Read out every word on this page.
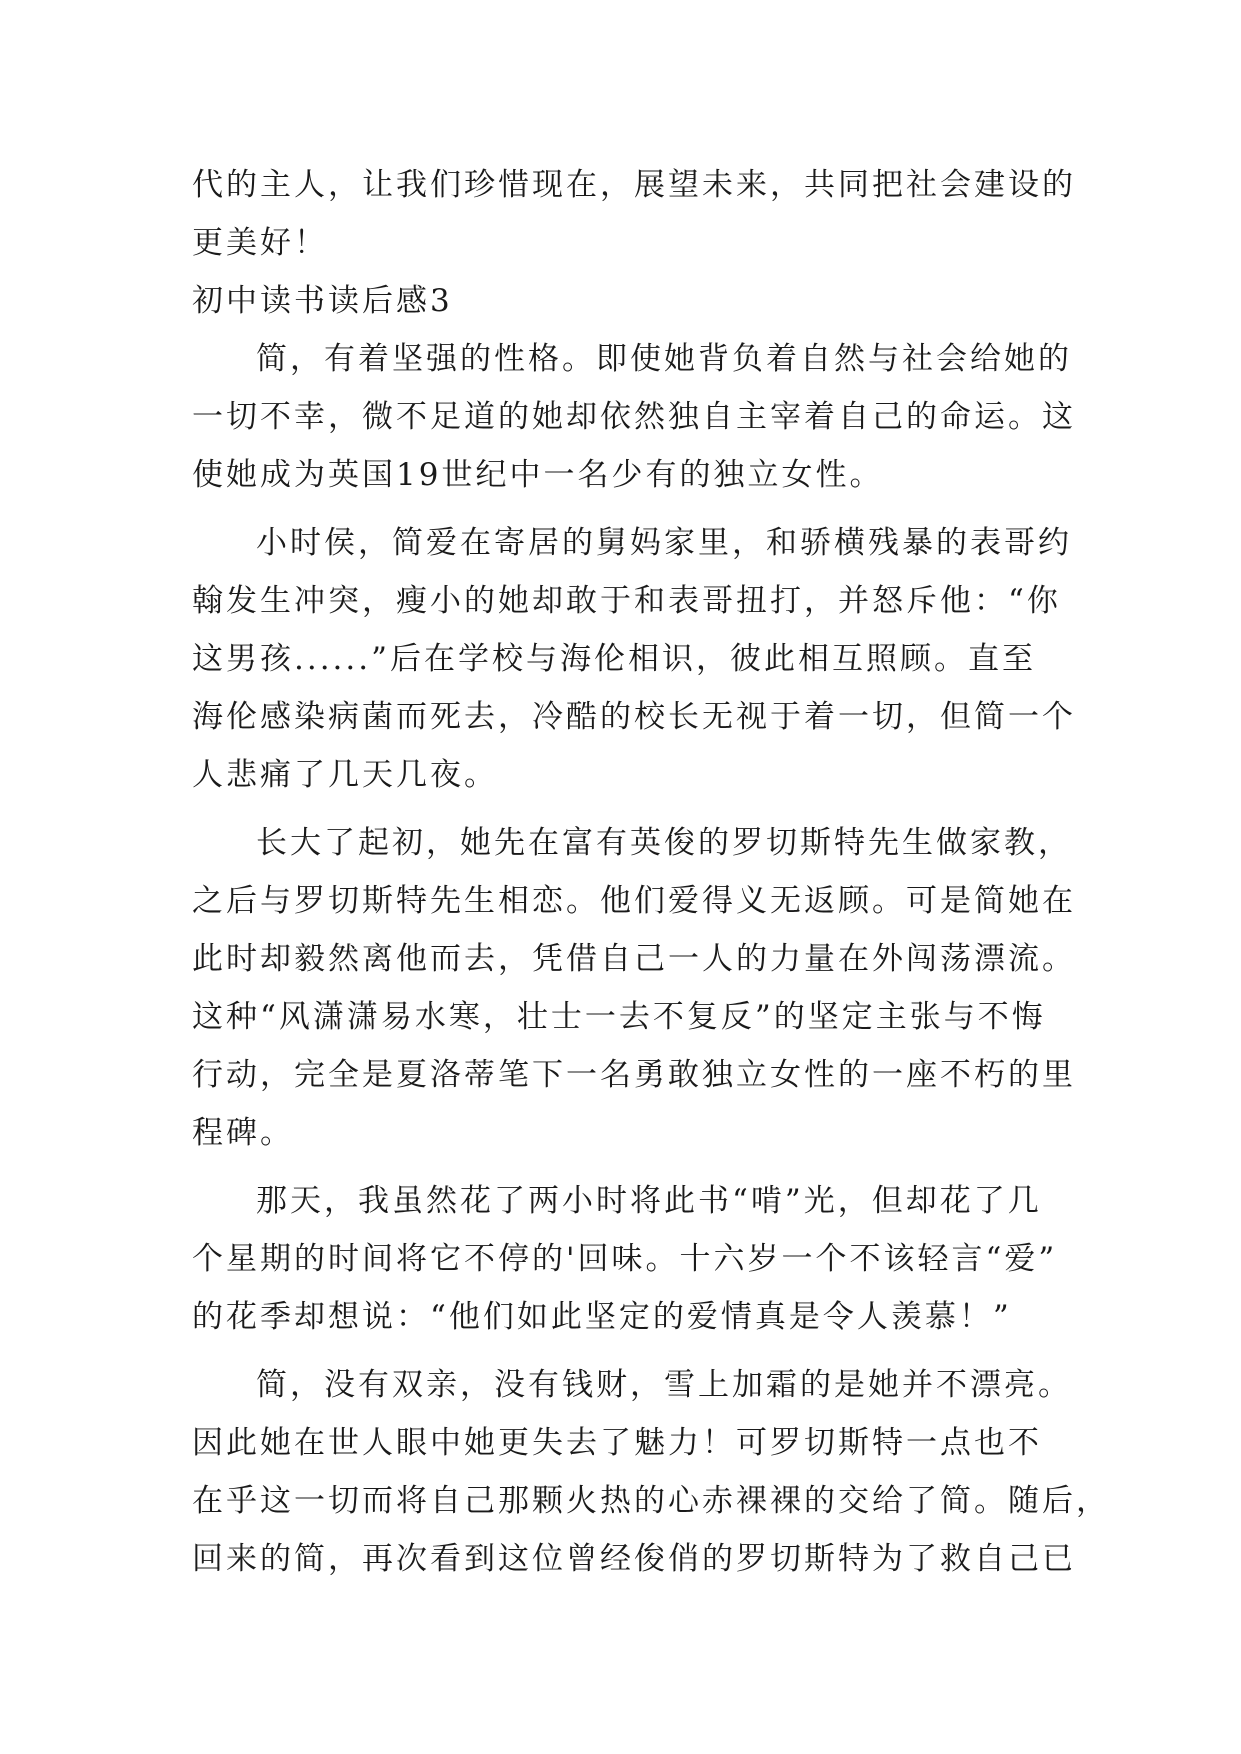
代的主人，让我们珍惜现在，展望未来，共同把社会建设的
更美好！
初中读书读后感3
简，有着坚强的性格。即使她背负着自然与社会给她的
一切不幸，微不足道的她却依然独自主宰着自己的命运。这
使她成为英国19世纪中一名少有的独立女性。
小时侯，简爱在寄居的舅妈家里，和骄横残暴的表哥约
翰发生冲突，瘦小的她却敢于和表哥扭打，并怒斥他：“你
这男孩......”后在学校与海伦相识，彼此相互照顾。直至
海伦感染病菌而死去，冷酷的校长无视于着一切，但简一个
人悲痛了几天几夜。
长大了起初，她先在富有英俊的罗切斯特先生做家教，
之后与罗切斯特先生相恋。他们爱得义无返顾。可是简她在
此时却毅然离他而去，凭借自己一人的力量在外闯荡漂流。
这种“风潇潇易水寒，壮士一去不复反”的坚定主张与不悔
行动，完全是夏洛蒂笔下一名勇敢独立女性的一座不朽的里
程碑。
那天，我虽然花了两小时将此书“啃”光，但却花了几
个星期的时间将它不停的'回味。十六岁一个不该轻言“爱”
的花季却想说：“他们如此坚定的爱情真是令人羡慕！”
简，没有双亲，没有钱财，雪上加霜的是她并不漂亮。
因此她在世人眼中她更失去了魅力！可罗切斯特一点也不
在乎这一切而将自己那颗火热的心赤裸裸的交给了简。随后，
回来的简，再次看到这位曾经俊俏的罗切斯特为了救自己已
